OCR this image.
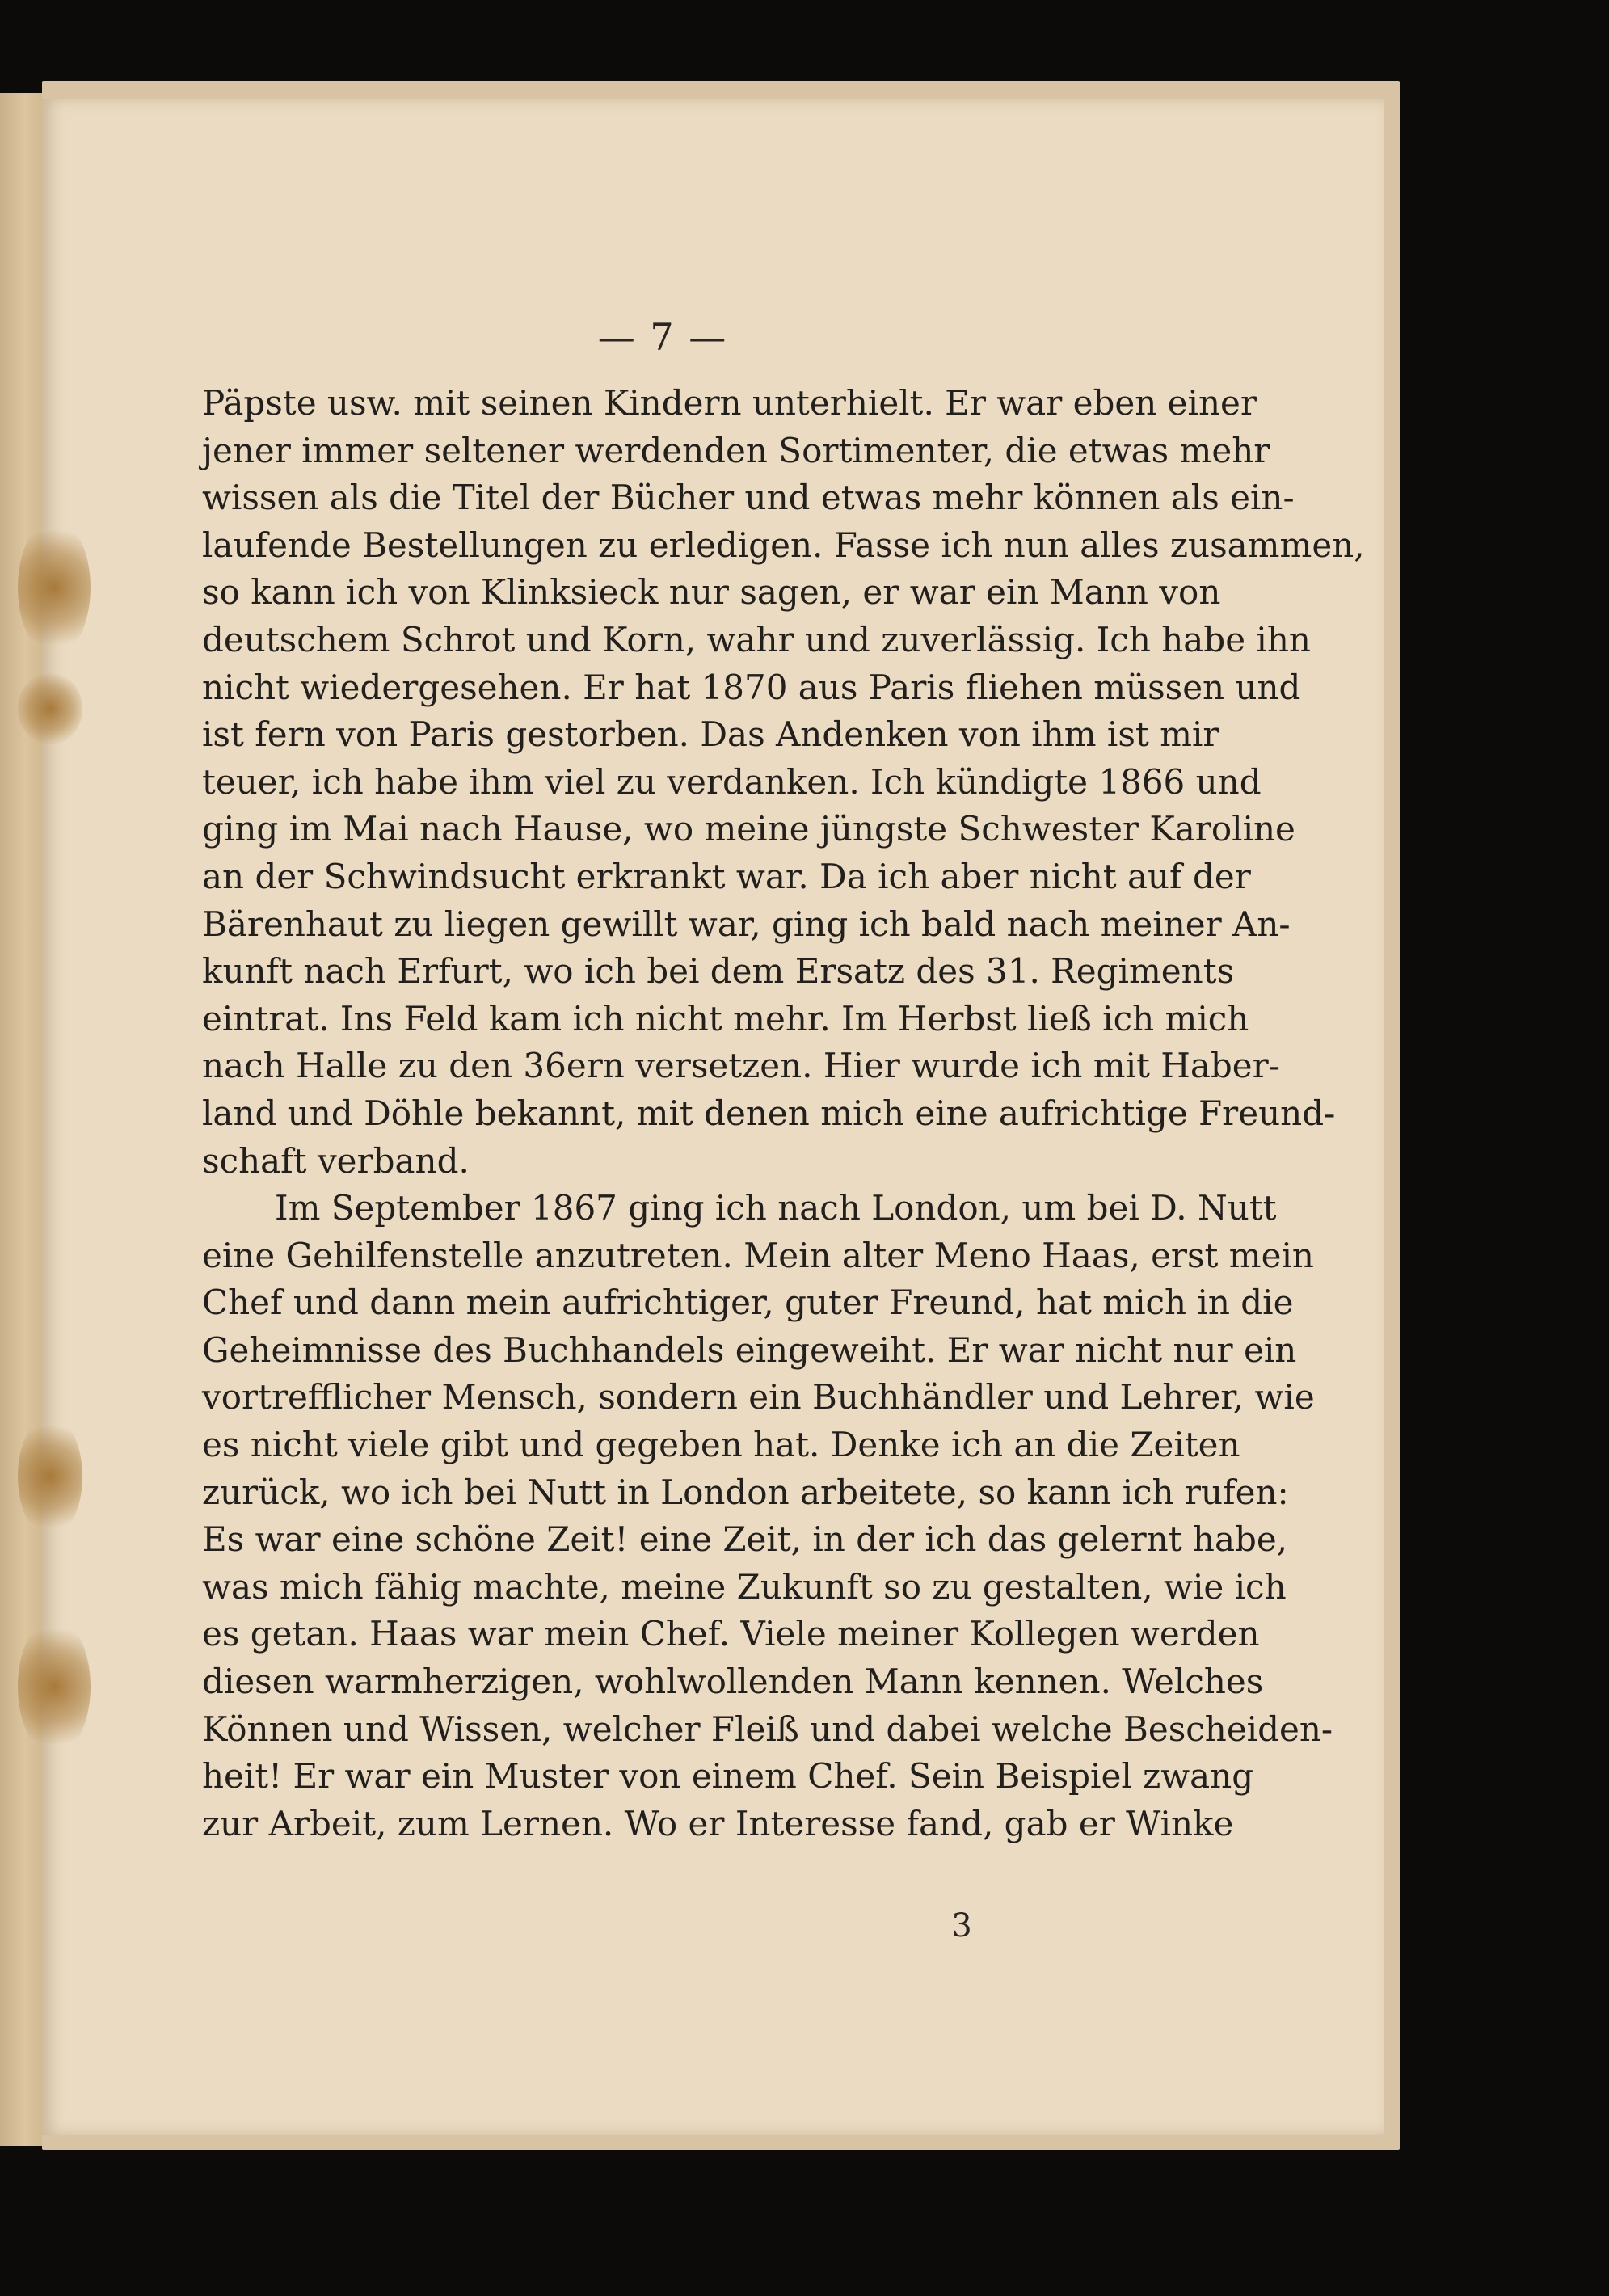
— 7 —
Päpste usw. mit seinen Kindern unterhielt. Er war eben einer
jener immer seltener werdenden Sortimenter, die etwas mehr
wissen als die Titel der Bücher und etwas mehr können als ein-
laufende Bestellungen zu erledigen. Fasse ich nun alles zusammen,
so kann ich von Klinksieck nur sagen, er war ein Mann von
deutschem Schrot und Korn, wahr und zuverlässig. Ich habe ihn
nicht wiedergesehen. Er hat 1870 aus Paris fliehen müssen und
ist fern von Paris gestorben. Das Andenken von ihm ist mir
teuer, ich habe ihm viel zu verdanken. Ich kündigte 1866 und
ging im Mai nach Hause, wo meine jüngste Schwester Karoline
an der Schwindsucht erkrankt war. Da ich aber nicht auf der
Bärenhaut zu liegen gewillt war, ging ich bald nach meiner An-
kunft nach Erfurt, wo ich bei dem Ersatz des 31. Regiments
eintrat. Ins Feld kam ich nicht mehr. Im Herbst ließ ich mich
nach Halle zu den 36ern versetzen. Hier wurde ich mit Haber-
land und Döhle bekannt, mit denen mich eine aufrichtige Freund-
schaft verband.
Im September 1867 ging ich nach London, um bei D. Nutt
eine Gehilfenstelle anzutreten. Mein alter Meno Haas, erst mein
Chef und dann mein aufrichtiger, guter Freund, hat mich in die
Geheimnisse des Buchhandels eingeweiht. Er war nicht nur ein
vortrefflicher Mensch, sondern ein Buchhändler und Lehrer, wie
es nicht viele gibt und gegeben hat. Denke ich an die Zeiten
zurück, wo ich bei Nutt in London arbeitete, so kann ich rufen:
Es war eine schöne Zeit! eine Zeit, in der ich das gelernt habe,
was mich fähig machte, meine Zukunft so zu gestalten, wie ich
es getan. Haas war mein Chef. Viele meiner Kollegen werden
diesen warmherzigen, wohlwollenden Mann kennen. Welches
Können und Wissen, welcher Fleiß und dabei welche Bescheiden-
heit! Er war ein Muster von einem Chef. Sein Beispiel zwang
zur Arbeit, zum Lernen. Wo er Interesse fand, gab er Winke
3
